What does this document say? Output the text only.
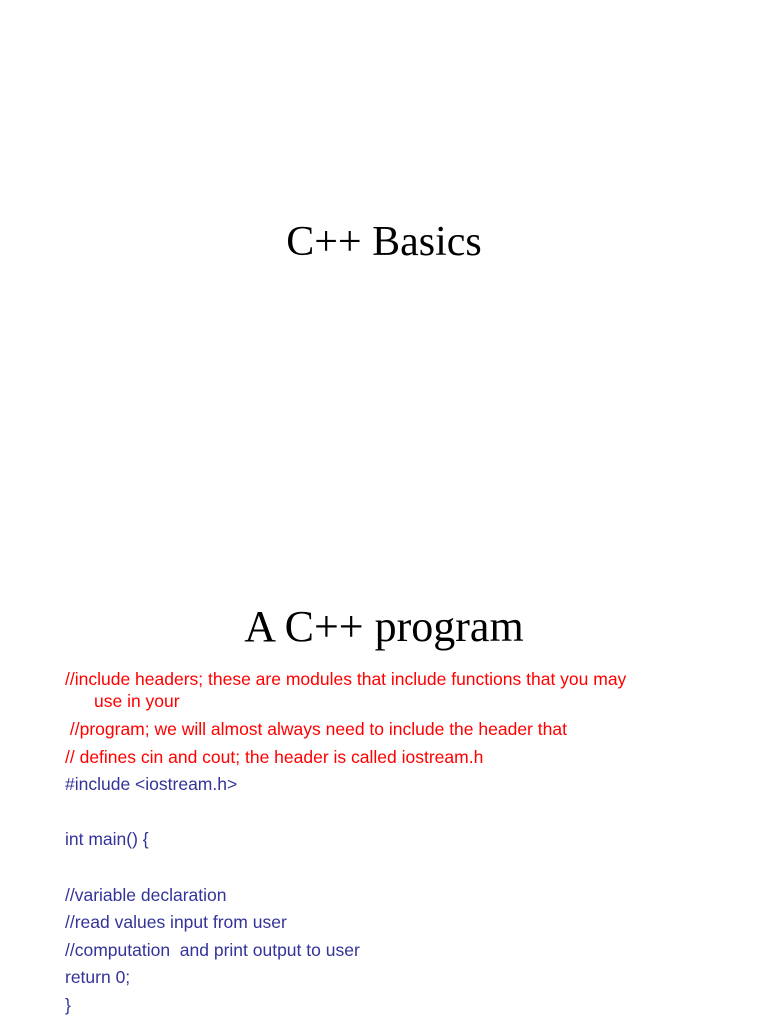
C++ Basics
A C++ program
//include headers; these are modules that include functions that you may
use in your
//program; we will almost always need to include the header that
// defines cin and cout; the header is called iostream.h
#include <iostream.h>
int main() {
//variable declaration
//read values input from user
//computation  and print output to user
return 0;
}
